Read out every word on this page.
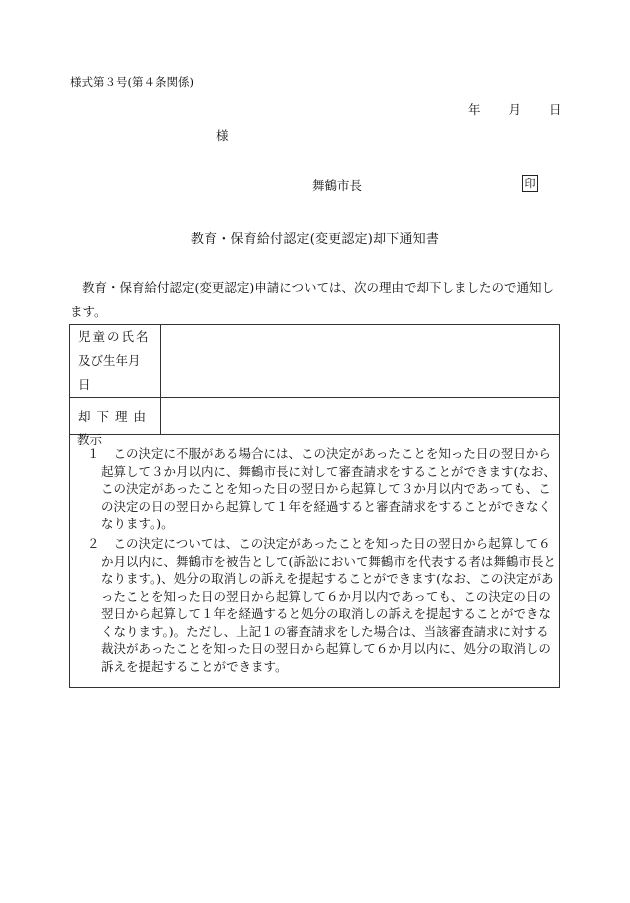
様式第３号(第４条関係)
年 月 日
様
舞鶴市長	印
教育・保育給付認定(変更認定)却下通知書
教育・保育給付認定(変更認定)申請については、次の理由で却下しましたので通知します。
児童の氏名
及び生年月日	

却下理由	
教示
１	この決定に不服がある場合には、この決定があったことを知った日の翌日から起算して３か月以内に、舞鶴市長に対して審査請求をすることができます(なお、この決定があったことを知った日の翌日から起算して３か月以内であっても、この決定の日の翌日から起算して１年を経過すると審査請求をすることができなくなります。)。
２	この決定については、この決定があったことを知った日の翌日から起算して６か月以内に、舞鶴市を被告として(訴訟において舞鶴市を代表する者は舞鶴市長となります。)、処分の取消しの訴えを提起することができます(なお、この決定があったことを知った日の翌日から起算して６か月以内であっても、この決定の日の翌日から起算して１年を経過すると処分の取消しの訴えを提起することができなくなります。)。ただし、上記１の審査請求をした場合は、当該審査請求に対する裁決があったことを知った日の翌日から起算して６か月以内に、処分の取消しの訴えを提起することができます。
